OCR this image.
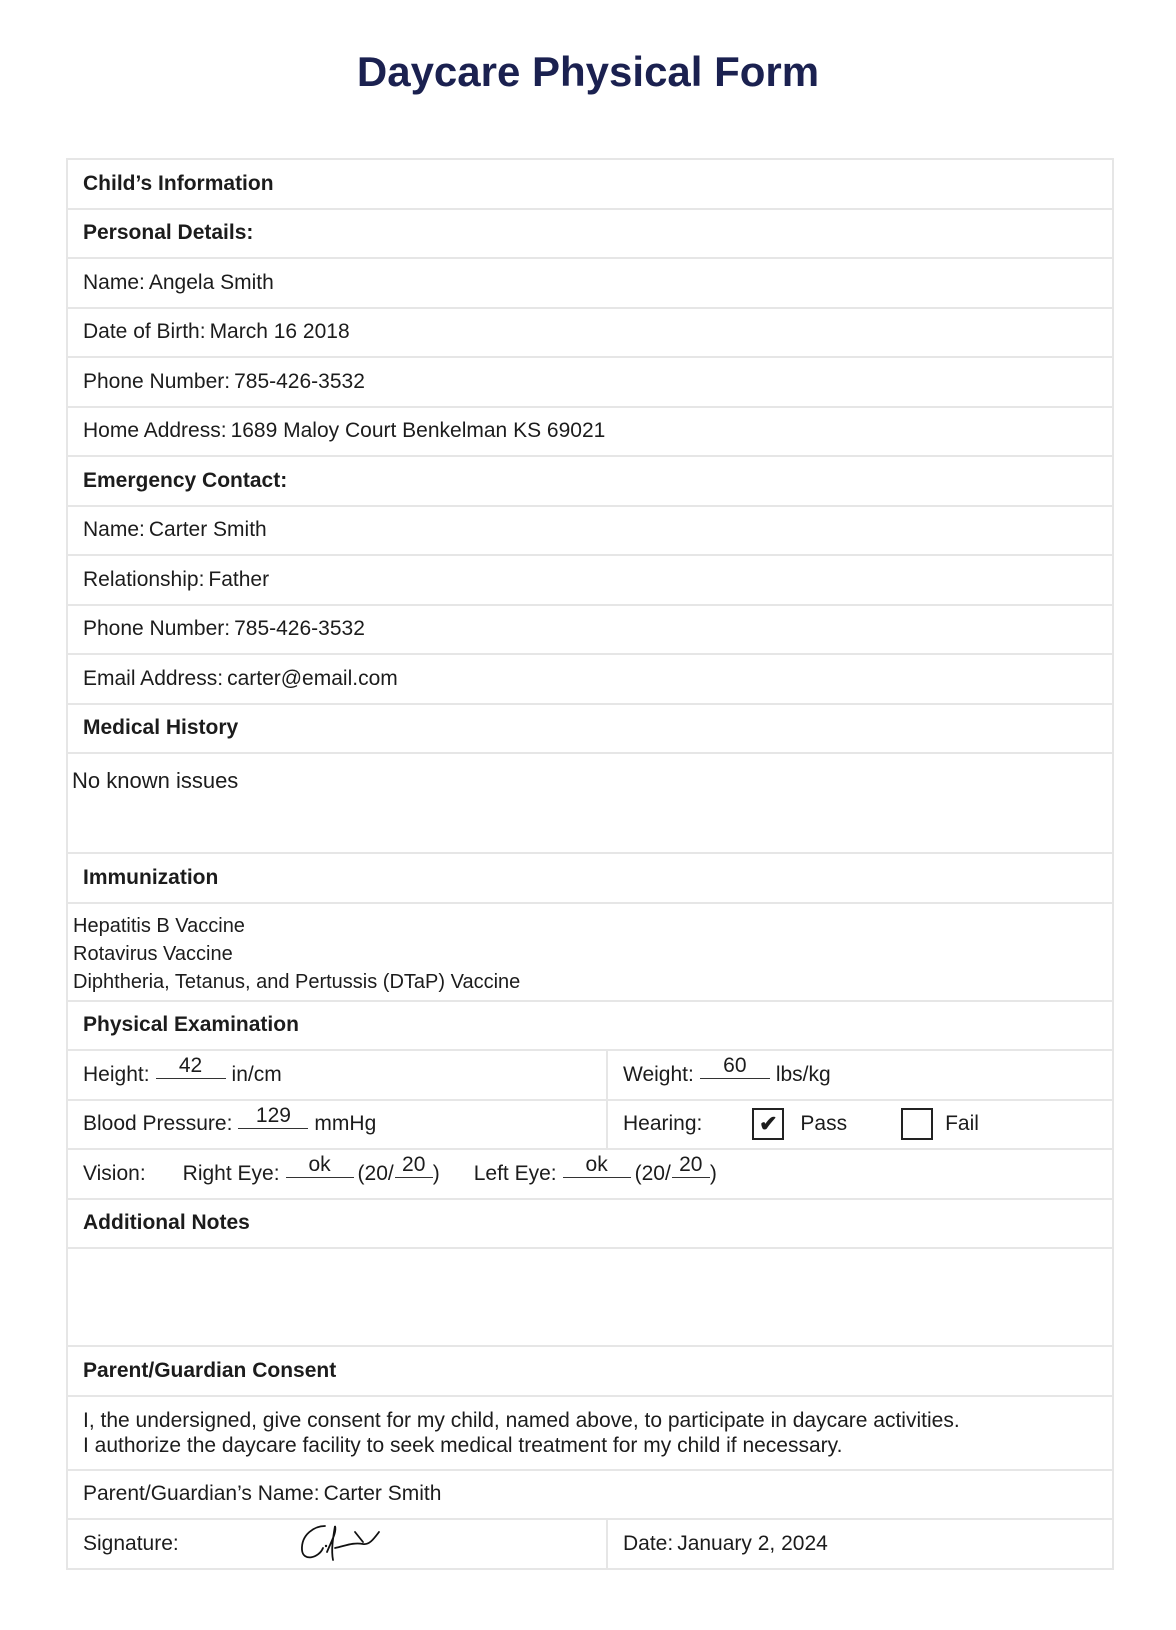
Daycare Physical Form
Child’s Information
Personal Details:
Name: Angela Smith
Date of Birth: March 16 2018
Phone Number: 785-426-3532
Home Address: 1689 Maloy Court Benkelman KS 69021
Emergency Contact:
Name: Carter Smith
Relationship: Father
Phone Number: 785-426-3532
Email Address: carter@email.com
Medical History
No known issues
Immunization
Hepatitis B Vaccine
Rotavirus Vaccine
Diphtheria, Tetanus, and Pertussis (DTaP) Vaccine
Physical Examination
Height:	42	in/cm	Weight:	60	lbs/kg
Blood Pressure:	129	mmHg	Hearing:	✔	Pass	Fail
Vision: Right Eye:	ok	(20/ 20 ) Left Eye:	ok	(20/ 20 )
Additional Notes
Parent/Guardian Consent
I, the undersigned, give consent for my child, named above, to participate in daycare activities.
I authorize the daycare facility to seek medical treatment for my child if necessary.
Parent/Guardian’s Name: Carter Smith
Signature:	Date: January 2, 2024
